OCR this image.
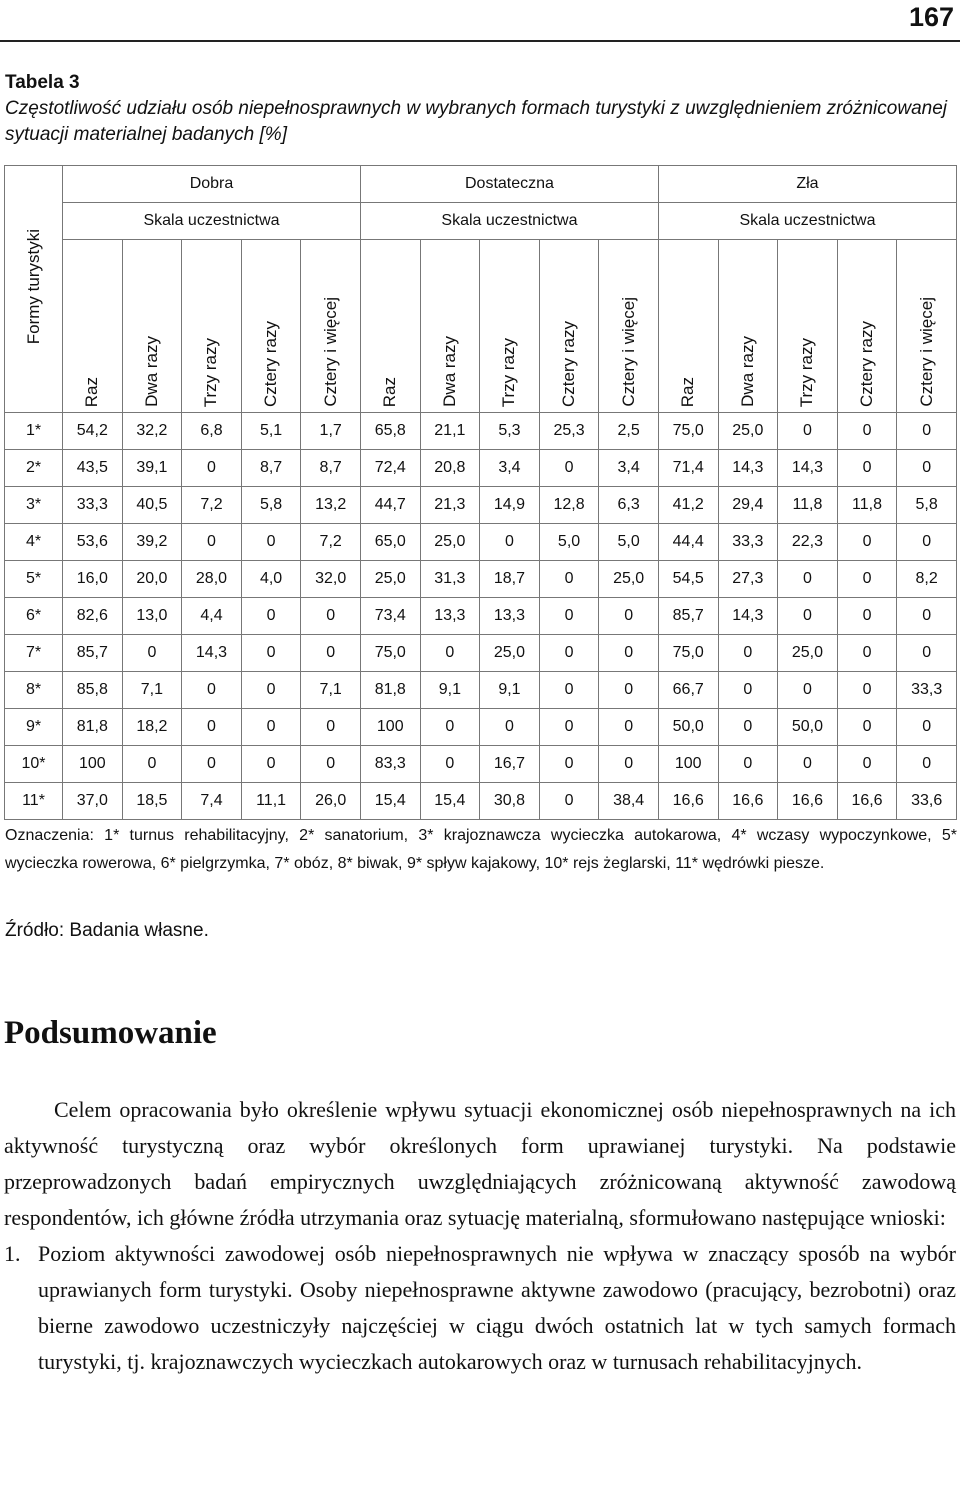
167
Tabela 3
Częstotliwość udziału osób niepełnosprawnych w wybranych formach turystyki z uwzględnieniem zróżnicowanej sytuacji materialnej badanych [%]
Formy turystyki	Dobra					Dostateczna					Zła				
	Skala uczestnictwa					Skala uczestnictwa					Skala uczestnictwa				
	Raz	Dwa razy	Trzy razy	Cztery razy	Cztery i więcej	Raz	Dwa razy	Trzy razy	Cztery razy	Cztery i więcej	Raz	Dwa razy	Trzy razy	Cztery razy	Cztery i więcej
1*	54,2	32,2	6,8	5,1	1,7	65,8	21,1	5,3	25,3	2,5	75,0	25,0	0	0	0
2*	43,5	39,1	0	8,7	8,7	72,4	20,8	3,4	0	3,4	71,4	14,3	14,3	0	0
3*	33,3	40,5	7,2	5,8	13,2	44,7	21,3	14,9	12,8	6,3	41,2	29,4	11,8	11,8	5,8
4*	53,6	39,2	0	0	7,2	65,0	25,0	0	5,0	5,0	44,4	33,3	22,3	0	0
5*	16,0	20,0	28,0	4,0	32,0	25,0	31,3	18,7	0	25,0	54,5	27,3	0	0	8,2
6*	82,6	13,0	4,4	0	0	73,4	13,3	13,3	0	0	85,7	14,3	0	0	0
7*	85,7	0	14,3	0	0	75,0	0	25,0	0	0	75,0	0	25,0	0	0
8*	85,8	7,1	0	0	7,1	81,8	9,1	9,1	0	0	66,7	0	0	0	33,3
9*	81,8	18,2	0	0	0	100	0	0	0	0	50,0	0	50,0	0	0
10*	100	0	0	0	0	83,3	0	16,7	0	0	100	0	0	0	0
11*	37,0	18,5	7,4	11,1	26,0	15,4	15,4	30,8	0	38,4	16,6	16,6	16,6	16,6	33,6
Oznaczenia: 1* turnus rehabilitacyjny, 2* sanatorium, 3* krajoznawcza wycieczka autokarowa, 4* wczasy wypoczynkowe, 5* wycieczka rowerowa, 6* pielgrzymka, 7* obóz, 8* biwak, 9* spływ kajakowy, 10* rejs żeglarski, 11* wędrówki piesze.
Źródło: Badania własne.
Podsumowanie

Celem opracowania było określenie wpływu sytuacji ekonomicznej osób niepełnosprawnych na ich aktywność turystyczną oraz wybór określonych form uprawianej turystyki. Na podstawie przeprowadzonych badań empirycznych uwzględniających zróżnicowaną aktywność zawodową respondentów, ich główne źródła utrzymania oraz sytuację materialną, sformułowano następujące wnioski:

1. Poziom aktywności zawodowej osób niepełnosprawnych nie wpływa w znaczący sposób na wybór uprawianych form turystyki. Osoby niepełnosprawne aktywne zawodowo (pracujący, bezrobotni) oraz bierne zawodowo uczestniczyły najczęściej w ciągu dwóch ostatnich lat w tych samych formach turystyki, tj. krajoznawczych wycieczkach autokarowych oraz w turnusach rehabilitacyjnych.
